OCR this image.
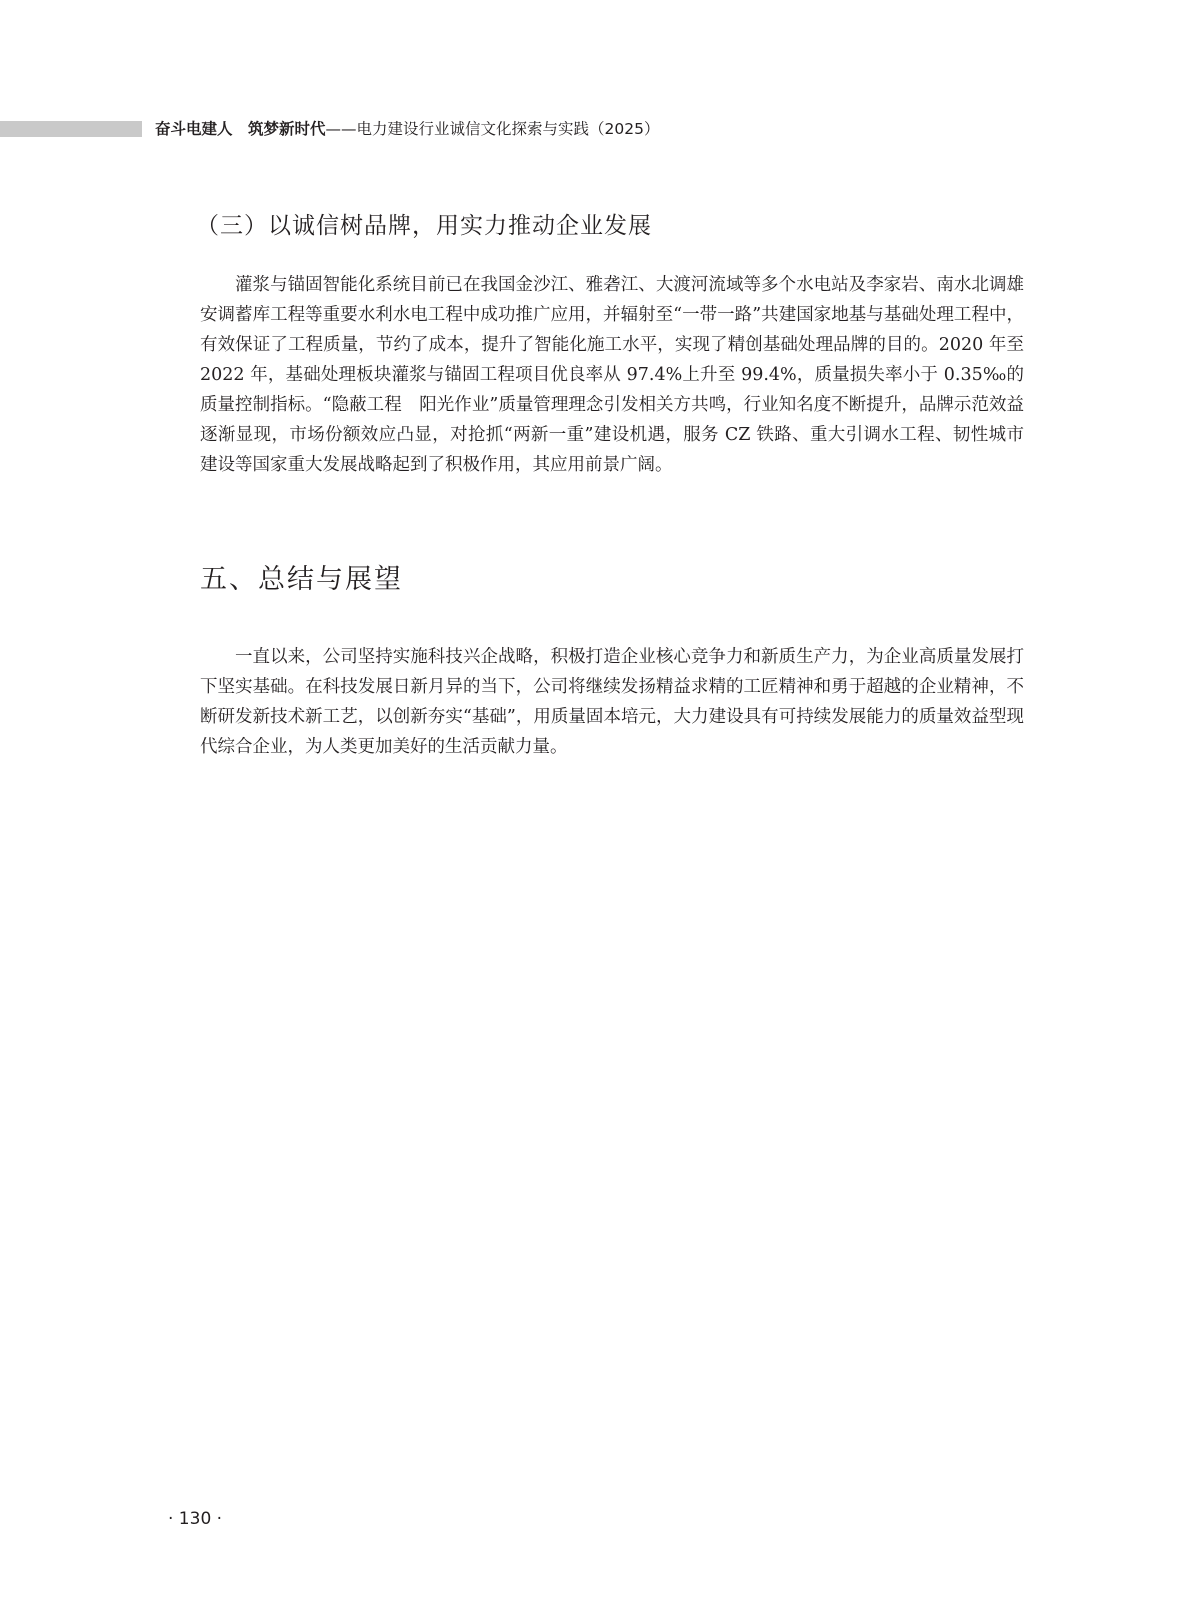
奋斗电建人　筑梦新时代——电力建设行业诚信文化探索与实践（2025）
（三）以诚信树品牌，用实力推动企业发展

灌浆与锚固智能化系统目前已在我国金沙江、雅砻江、大渡河流域等多个水电站及李家岩、南水北调雄安调蓄库工程等重要水利水电工程中成功推广应用，并辐射至“一带一路”共建国家地基与基础处理工程中，有效保证了工程质量，节约了成本，提升了智能化施工水平，实现了精创基础处理品牌的目的。2020 年至 2022 年，基础处理板块灌浆与锚固工程项目优良率从 97.4%上升至 99.4%，质量损失率小于 0.35‰的质量控制指标。“隐蔽工程　阳光作业”质量管理理念引发相关方共鸣，行业知名度不断提升，品牌示范效益逐渐显现，市场份额效应凸显，对抢抓“两新一重”建设机遇，服务 CZ 铁路、重大引调水工程、韧性城市建设等国家重大发展战略起到了积极作用，其应用前景广阔。

五、总结与展望

一直以来，公司坚持实施科技兴企战略，积极打造企业核心竞争力和新质生产力，为企业高质量发展打下坚实基础。在科技发展日新月异的当下，公司将继续发扬精益求精的工匠精神和勇于超越的企业精神，不断研发新技术新工艺，以创新夯实“基础”，用质量固本培元，大力建设具有可持续发展能力的质量效益型现代综合企业，为人类更加美好的生活贡献力量。

· 130 ·
